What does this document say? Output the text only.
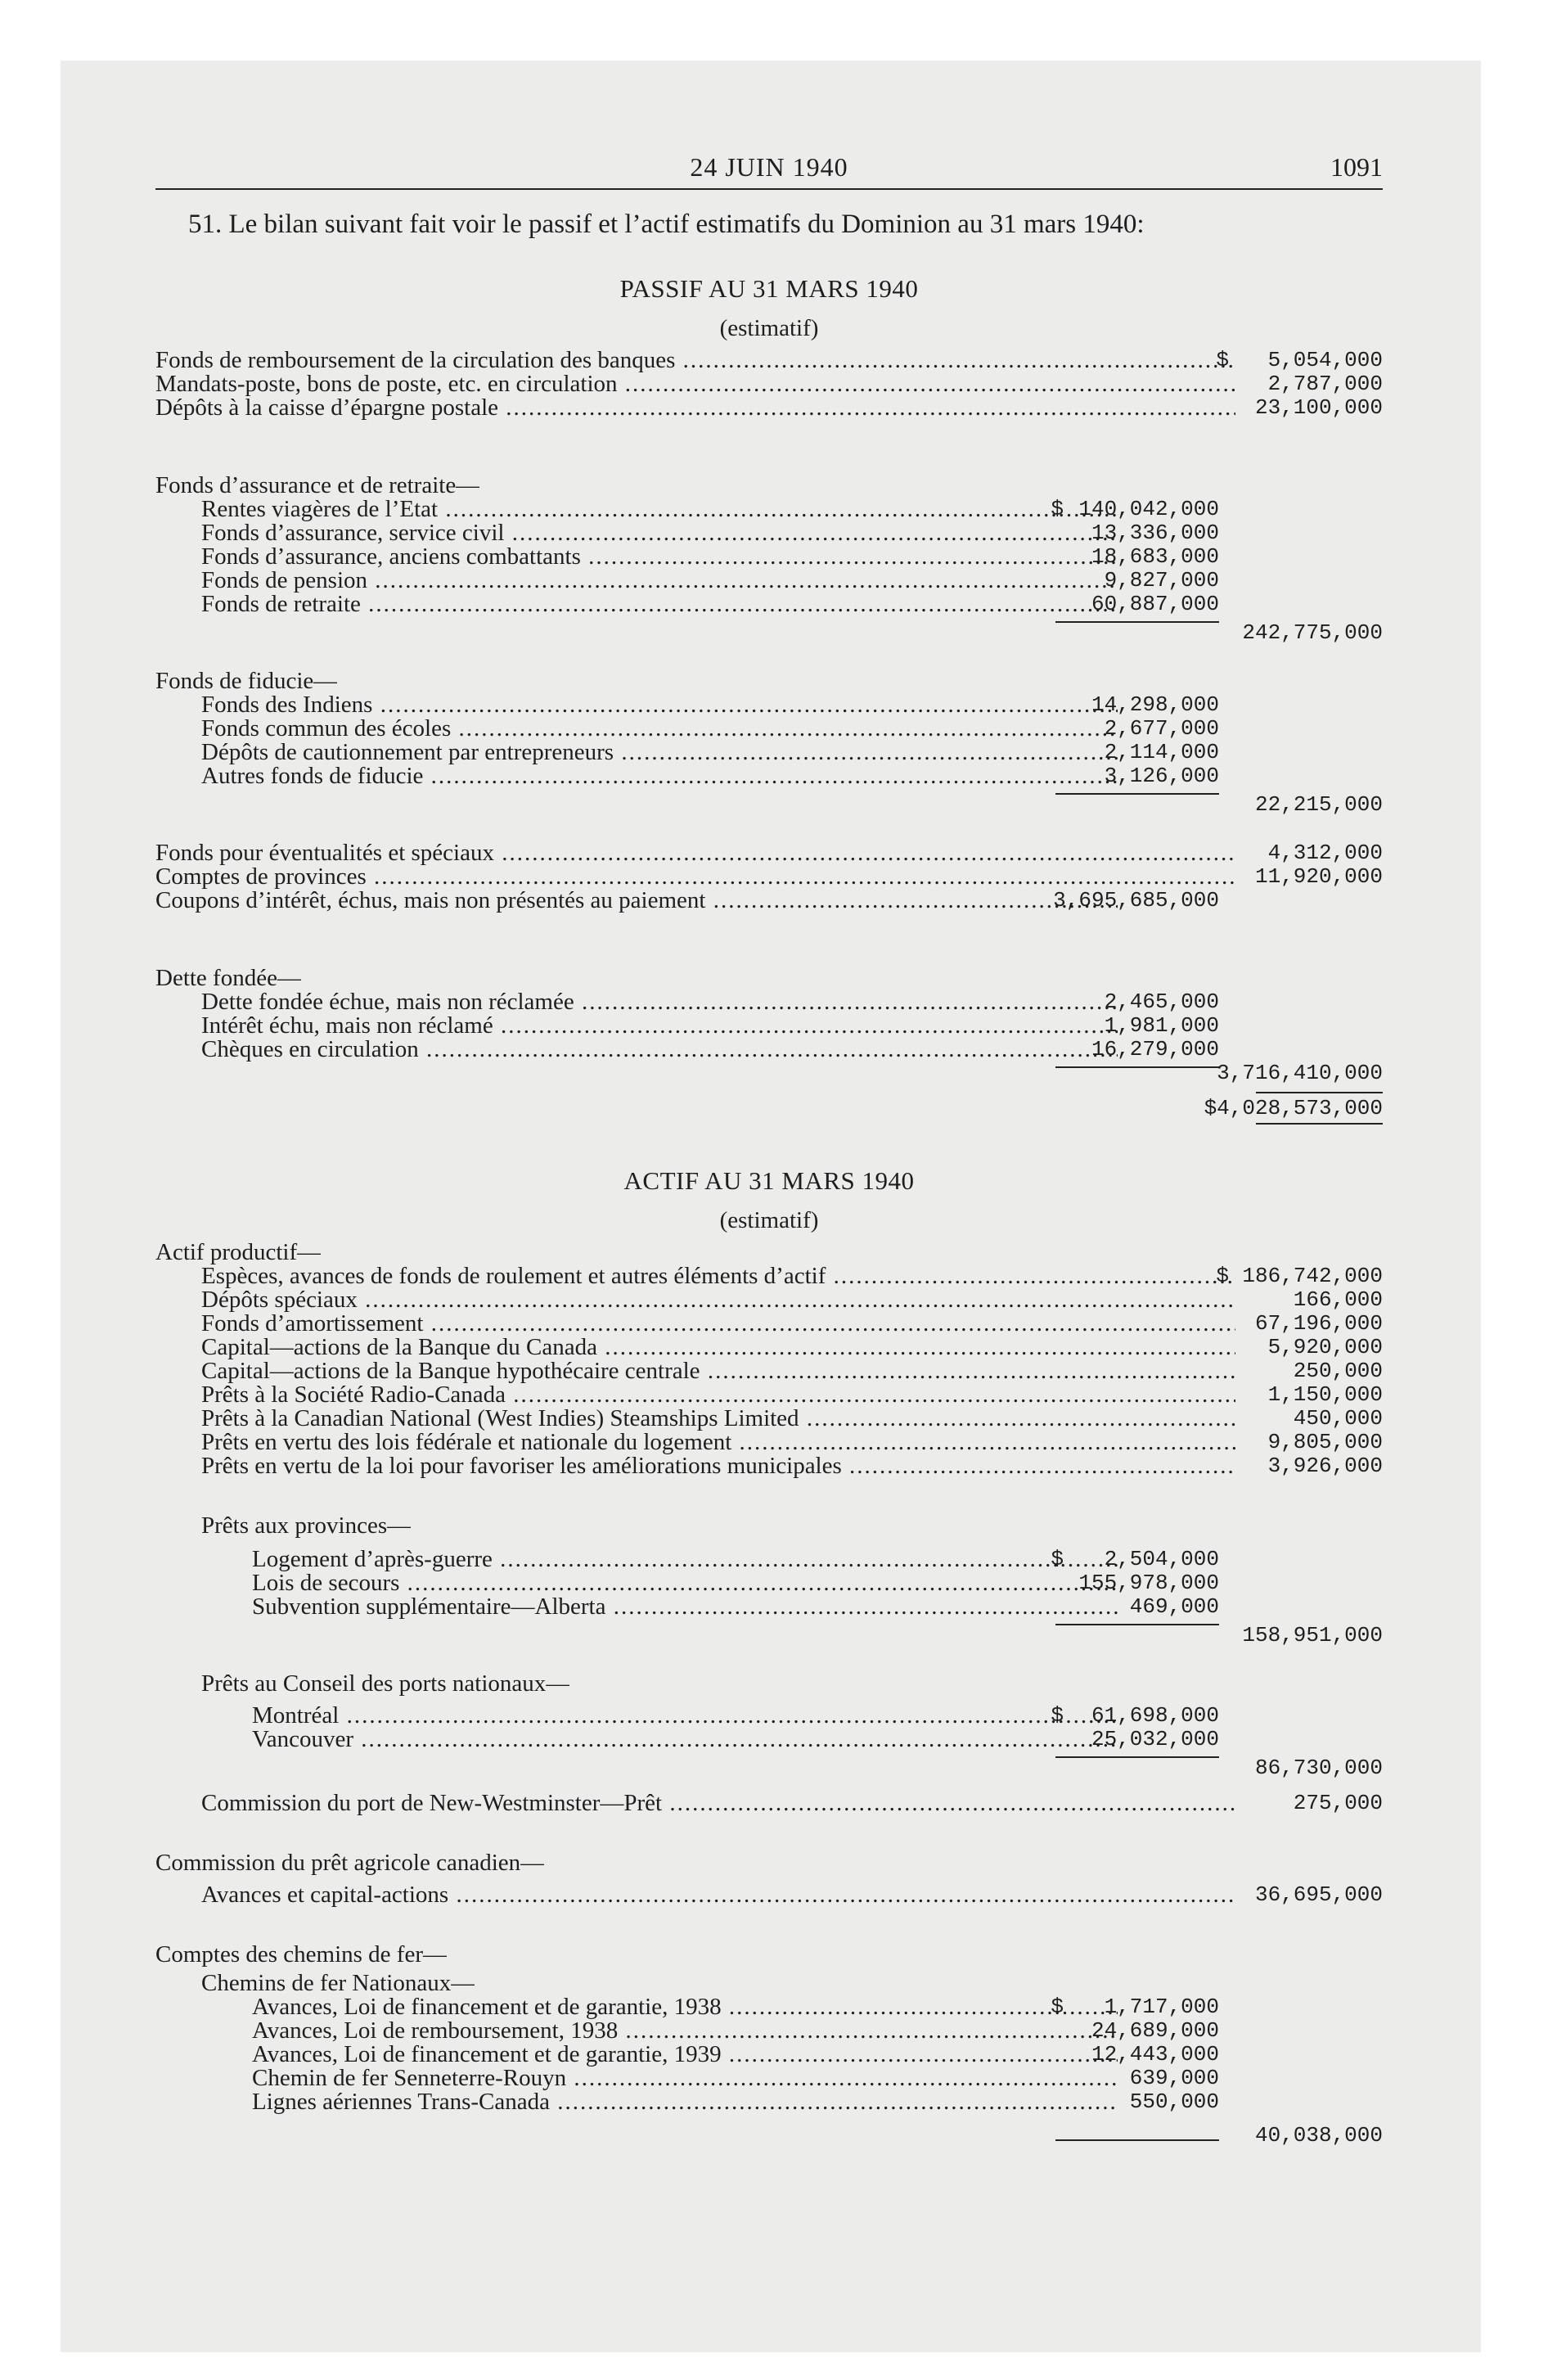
24 JUIN 1940	1091
51. Le bilan suivant fait voir le passif et l’actif estimatifs du Dominion au 31 mars 1940:
PASSIF AU 31 MARS 1940
(estimatif)
Fonds de remboursement de la circulation des banques .....	$ 5,054,000
Mandats-poste, bons de poste, etc. en circulation .....	2,787,000
Dépôts à la caisse d’épargne postale .....	23,100,000
Fonds d’assurance et de retraite—
Rentes viagères de l’Etat .....	$ 140,042,000
Fonds d’assurance, service civil .....	13,336,000
Fonds d’assurance, anciens combattants .....	18,683,000
Fonds de pension .....	9,827,000
Fonds de retraite .....	60,887,000
242,775,000
Fonds de fiducie—
Fonds des Indiens .....	14,298,000
Fonds commun des écoles .....	2,677,000
Dépôts de cautionnement par entrepreneurs .....	2,114,000
Autres fonds de fiducie .....	3,126,000
22,215,000
Fonds pour éventualités et spéciaux .....	4,312,000
Comptes de provinces .....	11,920,000
Coupons d’intérêt, échus, mais non présentés au paiement .....	3,695,685,000
Dette fondée—
Dette fondée échue, mais non réclamée .....	2,465,000
Intérêt échu, mais non réclamé .....	1,981,000
Chèques en circulation .....	16,279,000
3,716,410,000
$4,028,573,000
ACTIF AU 31 MARS 1940
(estimatif)
Actif productif—
Espèces, avances de fonds de roulement et autres éléments d’actif .....	$ 186,742,000
Dépôts spéciaux .....	166,000
Fonds d’amortissement .....	67,196,000
Capital—actions de la Banque du Canada .....	5,920,000
Capital—actions de la Banque hypothécaire centrale .....	250,000
Prêts à la Société Radio-Canada .....	1,150,000
Prêts à la Canadian National (West Indies) Steamships Limited .....	450,000
Prêts en vertu des lois fédérale et nationale du logement .....	9,805,000
Prêts en vertu de la loi pour favoriser les améliorations municipales .....	3,926,000
Prêts aux provinces—
Logement d’après-guerre .....	$ 2,504,000
Lois de secours .....	155,978,000
Subvention supplémentaire—Alberta .....	469,000
158,951,000
Prêts au Conseil des ports nationaux—
Montréal .....	$ 61,698,000
Vancouver .....	25,032,000
86,730,000
Commission du port de New-Westminster—Prêt .....	275,000
Commission du prêt agricole canadien—
Avances et capital-actions .....	36,695,000
Comptes des chemins de fer—
Chemins de fer Nationaux—
Avances, Loi de financement et de garantie, 1938 .....	$ 1,717,000
Avances, Loi de remboursement, 1938 .....	24,689,000
Avances, Loi de financement et de garantie, 1939 .....	12,443,000
Chemin de fer Senneterre-Rouyn .....	639,000
Lignes aériennes Trans-Canada .....	550,000
40,038,000
